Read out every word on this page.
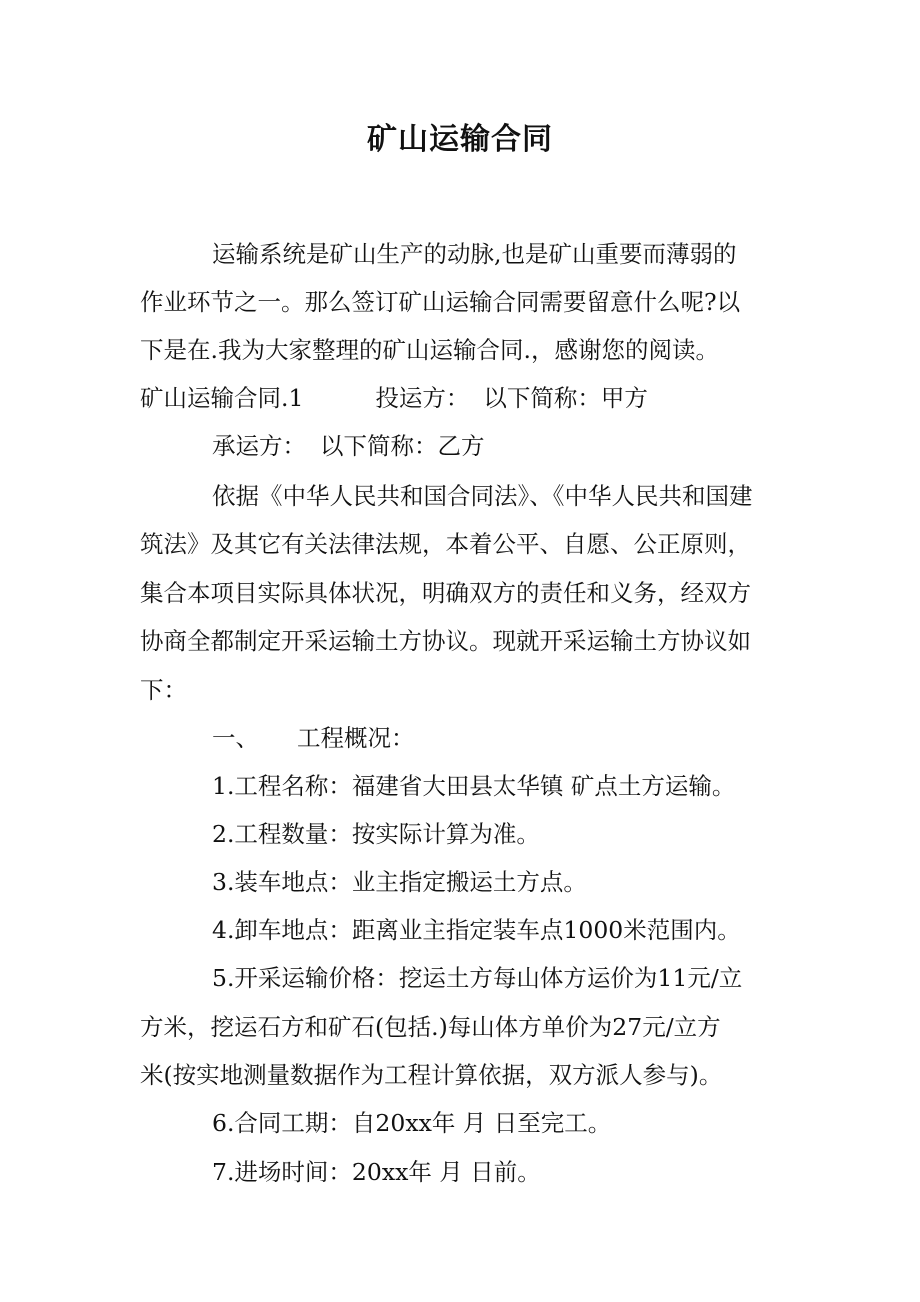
矿山运输合同
运输系统是矿山生产的动脉,也是矿山重要而薄弱的
作业环节之一。那么签订矿山运输合同需要留意什么呢?以
下是在.我为大家整理的矿山运输合同.，感谢您的阅读。
矿山运输合同.1	投运方： 以下简称：甲方
承运方： 以下简称：乙方
依据《中华人民共和国合同法》、《中华人民共和国建
筑法》及其它有关法律法规，本着公平、自愿、公正原则，
集合本项目实际具体状况，明确双方的责任和义务，经双方
协商全都制定开采运输土方协议。现就开采运输土方协议如
下：
一、 工程概况：
1.工程名称：福建省大田县太华镇 矿点土方运输。
2.工程数量：按实际计算为准。
3.装车地点：业主指定搬运土方点。
4.卸车地点：距离业主指定装车点1000米范围内。
5.开采运输价格：挖运土方每山体方运价为11元/立
方米，挖运石方和矿石(包括.)每山体方单价为27元/立方
米(按实地测量数据作为工程计算依据，双方派人参与)。
6.合同工期：自20xx年 月 日至完工。
7.进场时间：20xx年 月 日前。
